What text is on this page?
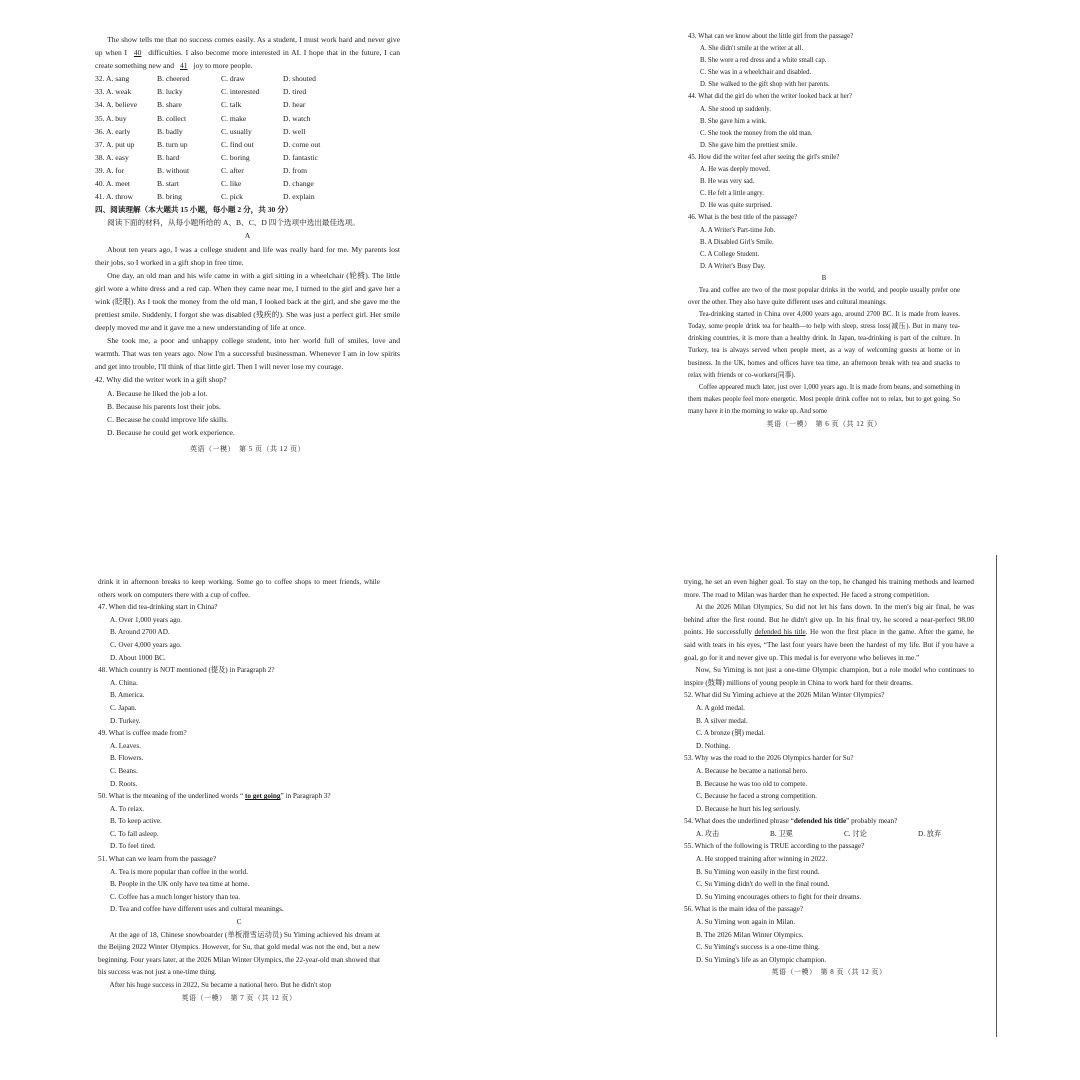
The show tells me that no success comes easily. As a student, I must work hard and never give up when I 40 difficulties. I also become more interested in AI. I hope that in the future, I can create something new and 41 joy to more people.

32. A. sang	B. cheered	C. draw	D. shouted
33. A. weak	B. lucky	C. interested	D. tired
34. A. believe	B. share	C. talk	D. hear
35. A. buy	B. collect	C. make	D. watch
36. A. early	B. badly	C. usually	D. well
37. A. put up	B. turn up	C. find out	D. come out
38. A. easy	B. hard	C. boring	D. fantastic
39. A. for	B. without	C. after	D. from
40. A. meet	B. start	C. like	D. change
41. A. throw	B. bring	C. pick	D. explain

四、阅读理解（本大题共 15 小题，每小题 2 分，共 30 分）

阅读下面的材料，从每小题所给的 A、B、C、D 四个选项中选出最佳选项。

A

About ten years ago, I was a college student and life was really hard for me. My parents lost their jobs, so I worked in a gift shop in free time.

One day, an old man and his wife came in with a girl sitting in a wheelchair (轮椅). The little girl wore a white dress and a red cap. When they came near me, I turned to the girl and gave her a wink (眨眼). As I took the money from the old man, I looked back at the girl, and she gave me the prettiest smile. Suddenly, I forgot she was disabled (残疾的). She was just a perfect girl. Her smile deeply moved me and it gave me a new understanding of life at once.

She took me, a poor and unhappy college student, into her world full of smiles, love and warmth. That was ten years ago. Now I'm a successful businessman. Whenever I am in low spirits and get into trouble, I'll think of that little girl. Then I will never lose my courage.

42. Why did the writer work in a gift shop?

A. Because he liked the job a lot.

B. Because his parents lost their jobs.

C. Because he could improve life skills.

D. Because he could get work experience.

英语（一模）　第 5 页（共 12 页）

43. What can we know about the little girl from the passage?

A. She didn't smile at the writer at all.

B. She wore a red dress and a white small cap.

C. She was in a wheelchair and disabled.

D. She walked to the gift shop with her parents.

44. What did the girl do when the writer looked back at her?

A. She stood up suddenly.

B. She gave him a wink.

C. She took the money from the old man.

D. She gave him the prettiest smile.

45. How did the writer feel after seeing the girl's smile?

A. He was deeply moved.

B. He was very sad.

C. He felt a little angry.

D. He was quite surprised.

46. What is the best title of the passage?

A. A Writer's Part-time Job.

B. A Disabled Girl's Smile.

C. A College Student.

D. A Writer's Busy Day.

B

Tea and coffee are two of the most popular drinks in the world, and people usually prefer one over the other. They also have quite different uses and cultural meanings.

Tea-drinking started in China over 4,000 years ago, around 2700 BC. It is made from leaves. Today, some people drink tea for health—to help with sleep, stress loss(减压). But in many tea-drinking countries, it is more than a healthy drink. In Japan, tea-drinking is part of the culture. In Turkey, tea is always served when people meet, as a way of welcoming guests at home or in business. In the UK, homes and offices have tea time, an afternoon break with tea and snacks to relax with friends or co-workers(同事).

Coffee appeared much later, just over 1,000 years ago. It is made from beans, and something in them makes people feel more energetic. Most people drink coffee not to relax, but to get going. So many have it in the morning to wake up. And some

英语（一模）　第 6 页（共 12 页）

drink it in afternoon breaks to keep working. Some go to coffee shops to meet friends, while others work on computers there with a cup of coffee.

47. When did tea-drinking start in China?

A. Over 1,000 years ago.

B. Around 2700 AD.

C. Over 4,000 years ago.

D. About 1000 BC.

48. Which country is NOT mentioned (提及) in Paragraph 2?

A. China.

B. America.

C. Japan.

D. Turkey.

49. What is coffee made from?

A. Leaves.

B. Flowers.

C. Beans.

D. Roots.

50. What is the meaning of the underlined words “ to get going” in Paragraph 3?

A. To relax.

B. To keep active.

C. To fall asleep.

D. To feel tired.

51. What can we learn from the passage?

A. Tea is more popular than coffee in the world.

B. People in the UK only have tea time at home.

C. Coffee has a much longer history than tea.

D. Tea and coffee have different uses and cultural meanings.

C

At the age of 18, Chinese snowboarder (单板滑雪运动员) Su Yiming achieved his dream at the Beijing 2022 Winter Olympics. However, for Su, that gold medal was not the end, but a new beginning. Four years later, at the 2026 Milan Winter Olympics, the 22-year-old man showed that his success was not just a one-time thing.

After his huge success in 2022, Su became a national hero. But he didn't stop

英语（一模）　第 7 页（共 12 页）

trying, he set an even higher goal. To stay on the top, he changed his training methods and learned more. The road to Milan was harder than he expected. He faced a strong competition.

At the 2026 Milan Olympics, Su did not let his fans down. In the men's big air final, he was behind after the first round. But he didn't give up. In his final try, he scored a near-perfect 98.00 points. He successfully defended his title. He won the first place in the game. After the game, he said with tears in his eyes, “The last four years have been the hardest of my life. But if you have a goal, go for it and never give up. This medal is for everyone who believes in me.”

Now, Su Yiming is not just a one-time Olympic champion, but a role model who continues to inspire (鼓舞) millions of young people in China to work hard for their dreams.

52. What did Su Yiming achieve at the 2026 Milan Winter Olympics?

A. A gold medal.

B. A silver medal.

C. A bronze (铜) medal.

D. Nothing.

53. Why was the road to the 2026 Olympics harder for Su?

A. Because he became a national hero.

B. Because he was too old to compete.

C. Because he faced a strong competition.

D. Because he hurt his leg seriously.

54. What does the underlined phrase “defended his title” probably mean?

A. 攻击	B. 卫冕	C. 讨论	D. 放弃

55. Which of the following is TRUE according to the passage?

A. He stopped training after winning in 2022.

B. Su Yiming won easily in the first round.

C. Su Yiming didn't do well in the final round.

D. Su Yiming encourages others to fight for their dreams.

56. What is the main idea of the passage?

A. Su Yiming won again in Milan.

B. The 2026 Milan Winter Olympics.

C. Su Yiming's success is a one-time thing.

D. Su Yiming's life as an Olympic champion.

英语（一模）　第 8 页（共 12 页）
